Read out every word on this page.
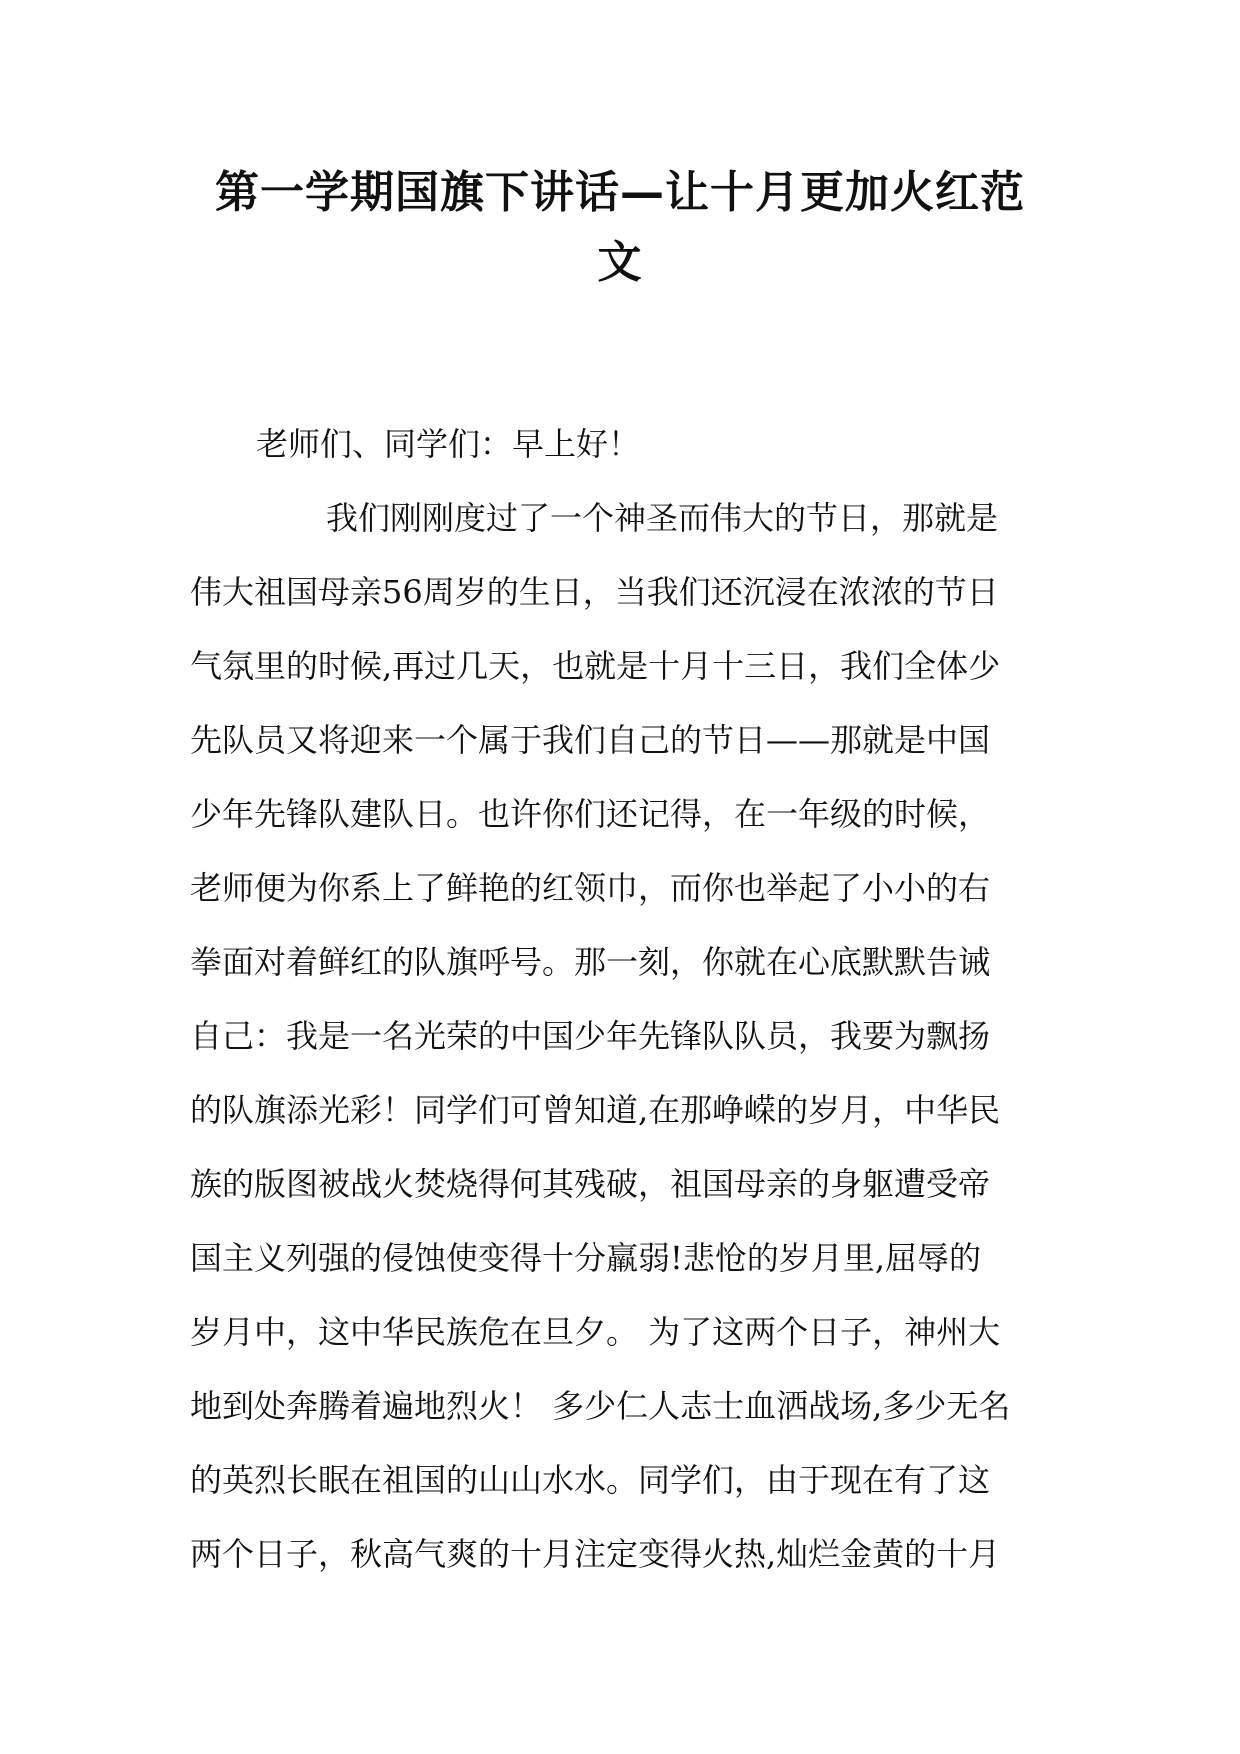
第一学期国旗下讲话—让十月更加火红范
文
老师们、同学们：早上好！
我们刚刚度过了一个神圣而伟大的节日，那就是
伟大祖国母亲56周岁的生日，当我们还沉浸在浓浓的节日
气氛里的时候,再过几天，也就是十月十三日，我们全体少
先队员又将迎来一个属于我们自己的节日——那就是中国
少年先锋队建队日。也许你们还记得，在一年级的时候，
老师便为你系上了鲜艳的红领巾，而你也举起了小小的右
拳面对着鲜红的队旗呼号。那一刻，你就在心底默默告诫
自己：我是一名光荣的中国少年先锋队队员，我要为飘扬
的队旗添光彩！同学们可曾知道,在那峥嵘的岁月，中华民
族的版图被战火焚烧得何其残破，祖国母亲的身躯遭受帝
国主义列强的侵蚀使变得十分羸弱!悲怆的岁月里,屈辱的
岁月中，这中华民族危在旦夕。 为了这两个日子，神州大
地到处奔腾着遍地烈火！ 多少仁人志士血洒战场,多少无名
的英烈长眠在祖国的山山水水。同学们，由于现在有了这
两个日子，秋高气爽的十月注定变得火热,灿烂金黄的十月
